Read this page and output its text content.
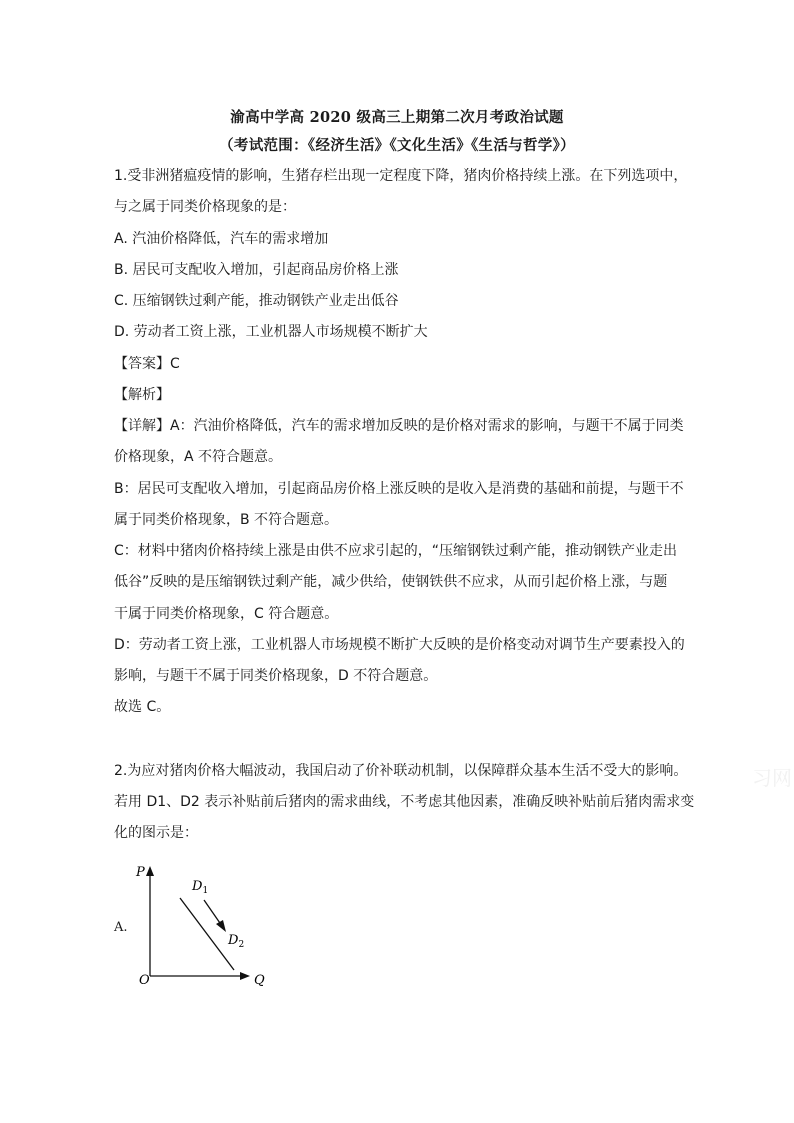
渝高中学高 2020 级高三上期第二次月考政治试题
（考试范围：《经济生活》《文化生活》《生活与哲学》）
1.受非洲猪瘟疫情的影响，生猪存栏出现一定程度下降，猪肉价格持续上涨。在下列选项中，
与之属于同类价格现象的是：
A. 汽油价格降低，汽车的需求增加
B. 居民可支配收入增加，引起商品房价格上涨
C. 压缩钢铁过剩产能，推动钢铁产业走出低谷
D. 劳动者工资上涨，工业机器人市场规模不断扩大
【答案】C
【解析】
【详解】A：汽油价格降低，汽车的需求增加反映的是价格对需求的影响，与题干不属于同类
价格现象，A 不符合题意。
B：居民可支配收入增加，引起商品房价格上涨反映的是收入是消费的基础和前提，与题干不
属于同类价格现象，B 不符合题意。
C：材料中猪肉价格持续上涨是由供不应求引起的，“压缩钢铁过剩产能，推动钢铁产业走出
低谷”反映的是压缩钢铁过剩产能，减少供给，使钢铁供不应求，从而引起价格上涨，与题
干属于同类价格现象，C 符合题意。
D：劳动者工资上涨，工业机器人市场规模不断扩大反映的是价格变动对调节生产要素投入的
影响，与题干不属于同类价格现象，D 不符合题意。
故选 C。
2.为应对猪肉价格大幅波动，我国启动了价补联动机制，以保障群众基本生活不受大的影响。
若用 D1、D2 表示补贴前后猪肉的需求曲线，不考虑其他因素，准确反映补贴前后猪肉需求变
化的图示是：
A.
P
Q
O
$D_1$
$D_2$
习网
